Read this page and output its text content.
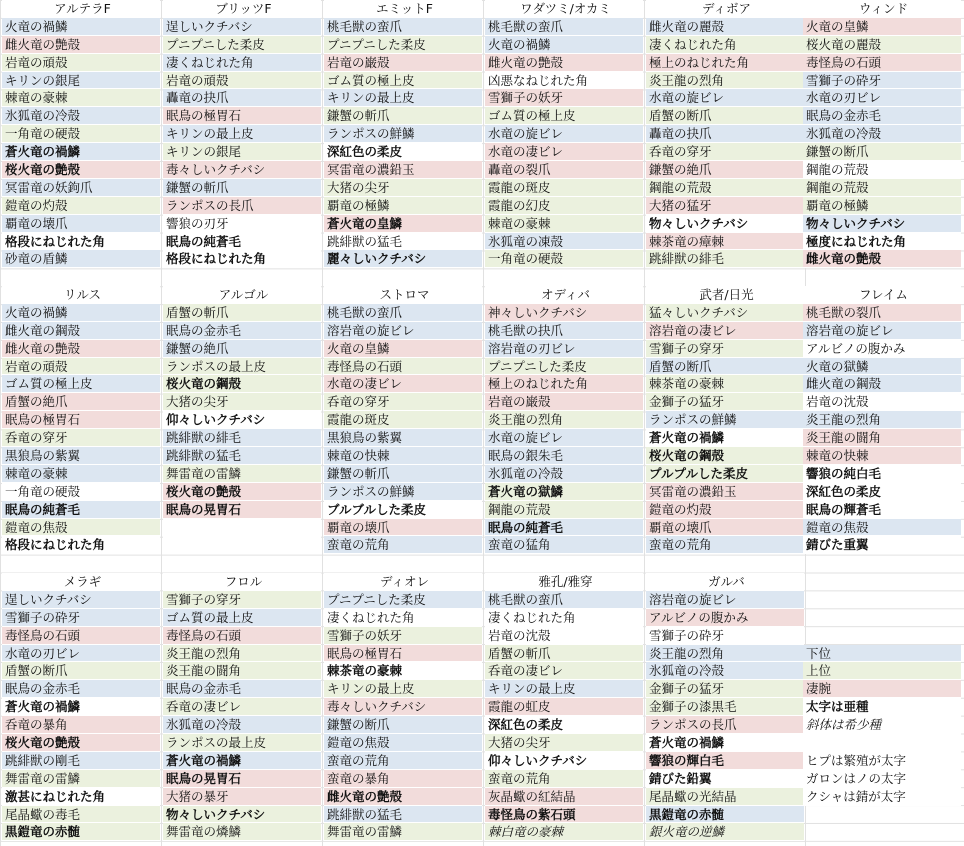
アルテラF
火竜の禍鱗
雌火竜の艶殻
岩竜の頑殻
キリンの銀尾
棘竜の豪棘
氷狐竜の冷殻
一角竜の硬殻
蒼火竜の禍鱗
桜火竜の艶殻
冥雷竜の妖鉤爪
鎧竜の灼殻
覇竜の壊爪
格段にねじれた角
砂竜の盾鱗
ブリッツF
逞しいクチバシ
プニプニした柔皮
凄くねじれた角
岩竜の頑殻
轟竜の抉爪
眠鳥の極胃石
キリンの最上皮
キリンの銀尾
毒々しいクチバシ
鎌蟹の斬爪
ランポスの長爪
響狼の刃牙
眠鳥の純蒼毛
格段にねじれた角
エミットF
桃毛獣の蛮爪
プニプニした柔皮
岩竜の巌殻
ゴム質の極上皮
キリンの最上皮
鎌蟹の斬爪
ランポスの鮮鱗
深紅色の柔皮
冥雷竜の濃鉛玉
大猪の尖牙
覇竜の極鱗
蒼火竜の皇鱗
跳緋獣の猛毛
麗々しいクチバシ
ワダツミ/オカミ
桃毛獣の蛮爪
火竜の禍鱗
雌火竜の艶殻
凶悪なねじれた角
雪獅子の妖牙
ゴム質の極上皮
水竜の旋ビレ
水竜の凄ビレ
轟竜の裂爪
霞龍の斑皮
霞龍の幻皮
棘竜の豪棘
氷狐竜の凍殻
一角竜の硬殻
ディボア
雌火竜の麗殻
凄くねじれた角
極上のねじれた角
炎王龍の烈角
水竜の旋ビレ
盾蟹の断爪
轟竜の抉爪
呑竜の穿牙
鎌蟹の絶爪
鋼龍の荒殻
大猪の猛牙
物々しいクチバシ
棘茶竜の瘴棘
跳緋獣の緋毛
ウィンド
火竜の皇鱗
桜火竜の麗殻
毒怪鳥の石頭
雪獅子の砕牙
水竜の刃ビレ
眠鳥の金赤毛
氷狐竜の冷殻
鎌蟹の断爪
鋼龍の荒殻
鋼龍の荒殻
覇竜の極鱗
物々しいクチバシ
極度にねじれた角
雌火竜の艶殻
リルス
火竜の禍鱗
雌火竜の鋼殻
雌火竜の艶殻
岩竜の頑殻
ゴム質の極上皮
盾蟹の絶爪
眠鳥の極胃石
呑竜の穿牙
黒狼鳥の紫翼
棘竜の豪棘
一角竜の硬殻
眠鳥の純蒼毛
鎧竜の焦殻
格段にねじれた角
アルゴル
盾蟹の斬爪
眠鳥の金赤毛
鎌蟹の絶爪
ランポスの最上皮
桜火竜の鋼殻
大猪の尖牙
仰々しいクチバシ
跳緋獣の緋毛
跳緋獣の猛毛
舞雷竜の雷鱗
桜火竜の艶殻
眠鳥の晃胃石
ストロマ
桃毛獣の蛮爪
溶岩竜の旋ビレ
火竜の皇鱗
毒怪鳥の石頭
水竜の凄ビレ
呑竜の穿牙
霞龍の斑皮
黒狼鳥の紫翼
棘竜の快棘
鎌蟹の斬爪
ランポスの鮮鱗
ブルブルした柔皮
覇竜の壊爪
蛮竜の荒角
オディバ
神々しいクチバシ
桃毛獣の抉爪
溶岩竜の刃ビレ
プニプニした柔皮
極上のねじれた角
岩竜の巌殻
炎王龍の烈角
水竜の旋ビレ
眠鳥の銀朱毛
氷狐竜の冷殻
蒼火竜の獄鱗
鋼龍の荒殻
眠鳥の純蒼毛
蛮竜の猛角
武者/日光
猛々しいクチバシ
溶岩竜の凄ビレ
雪獅子の穿牙
盾蟹の断爪
棘茶竜の豪棘
金獅子の猛牙
ランポスの鮮鱗
蒼火竜の禍鱗
桜火竜の鋼殻
プルプルした柔皮
冥雷竜の濃鉛玉
鎧竜の灼殻
覇竜の壊爪
蛮竜の荒角
フレイム
桃毛獣の裂爪
溶岩竜の旋ビレ
アルビノの腹かみ
火竜の獄鱗
雌火竜の鋼殻
岩竜の沈殻
炎王龍の烈角
炎王龍の闘角
棘竜の快棘
響狼の純白毛
深紅色の柔皮
眠鳥の輝蒼毛
鎧竜の焦殻
錆びた重翼
メラギ
逞しいクチバシ
雪獅子の砕牙
毒怪鳥の石頭
水竜の刃ビレ
盾蟹の断爪
眠鳥の金赤毛
蒼火竜の禍鱗
呑竜の暴角
桜火竜の艶殻
跳緋獣の剛毛
舞雷竜の雷鱗
激甚にねじれた角
尾晶蠍の毒毛
黒鎧竜の赤髄
フロル
雪獅子の穿牙
ゴム質の最上皮
毒怪鳥の石頭
炎王龍の烈角
炎王龍の闘角
眠鳥の金赤毛
呑竜の凄ビレ
氷狐竜の冷殻
ランポスの最上皮
蒼火竜の禍鱗
眠鳥の晃胃石
大猪の暴牙
物々しいクチバシ
舞雷竜の燐鱗
ディオレ
プニプニした柔皮
凄くねじれた角
雪獅子の妖牙
眠鳥の極胃石
棘茶竜の豪棘
キリンの最上皮
毒々しいクチバシ
鎌蟹の断爪
鎧竜の焦殻
蛮竜の荒角
蛮竜の暴角
雌火竜の艶殻
跳緋獣の猛毛
舞雷竜の雷鱗
雅孔/雅穿
桃毛獣の蛮爪
凄くねじれた角
岩竜の沈殻
盾蟹の斬爪
呑竜の凄ビレ
キリンの最上皮
霞龍の虹皮
深紅色の柔皮
大猪の尖牙
仰々しいクチバシ
蛮竜の荒角
灰晶蠍の紅結晶
毒怪鳥の紫石頭
棘白竜の豪棘
ガルバ
溶岩竜の旋ビレ
アルビノの腹かみ
雪獅子の砕牙
炎王龍の烈角
氷狐竜の冷殻
金獅子の猛牙
金獅子の漆黒毛
ランポスの長爪
蒼火竜の禍鱗
響狼の輝白毛
錆びた鉛翼
尾晶蠍の光結晶
黒鎧竜の赤髄
銀火竜の逆鱗
下位
上位
凄腕
太字は亜種
斜体は希少種
ヒプは繁殖が太字
ガロンはノの太字
クシャは錆が太字
